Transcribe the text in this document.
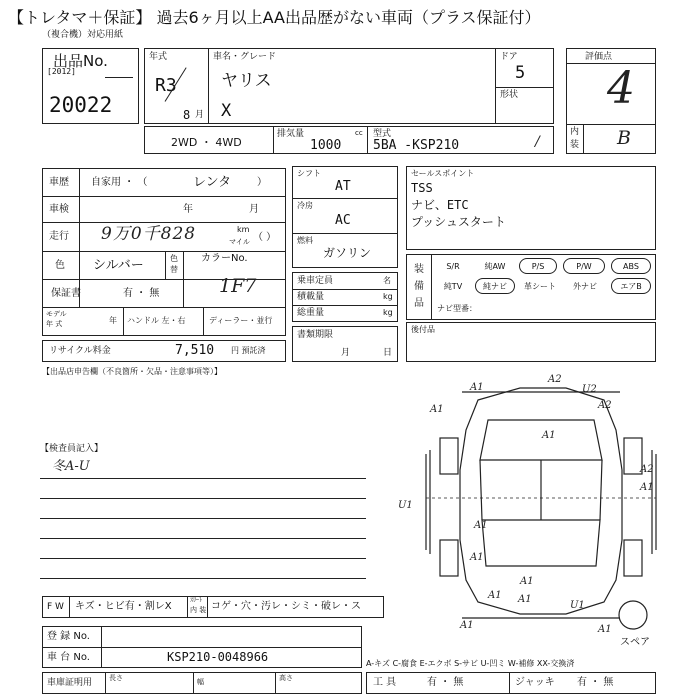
【トレタマ＋保証】 過去6ヶ月以上AA出品歴がない車両（プラス保証付）
（複合機）対応用紙
出品No.
[2012]
20022
年式
R3
8 月
車名・グレード
ヤリス
X
ドア
5
形状
評価点
4
内
装 B
2WD ・ 4WD
排気量	cc
1000
型式
5BA -KSP210	/
車歴 自家用 ・ （	レンタ	）
車検	年	月
走行 9万0千828	km
マイル （ ）
色 シルバー	色
替
カラーNo.
1F7
保証書	有 ・ 無
モデル
年 式	年 ハンドル 左・右	ディーラー・並行
リサイクル料金	7,510 円 預託済
シフト
AT
冷房
AC
燃料
ガソリン
乗車定員	名
積載量	kg
総重量	kg
書類期限
月	日
セールスポイント
TSS
ナビ、ETC
プッシュスタート
装
備
品
S/R	純AW	P/S	P/W	ABS
純TV	純ナビ	革シート	外ナビ	エアB
ナビ型番：
後付品
【出品店申告欄（不良箇所・欠品・注意事項等）】
【検査員記入】
冬A-U
A1
A1
A2
U2
A2
A1
U1
A2
A1
A1
A1
A1 A1
U1
A1	A1
A1
スペア
F W キズ・ヒビ有・割レX
ｽﾘｰﾄ
内 装 コゲ・穴・汚レ・シミ・破レ・ス
登 録 No.
車 台 No.	KSP210-0048966
車庫証明用 長さ	幅	高さ
A-キズ C-腐食 E-エクボ S-サビ U-凹ミ W-補修 XX-交換済
工 具	有 ・ 無	ジャッキ 有 ・ 無
